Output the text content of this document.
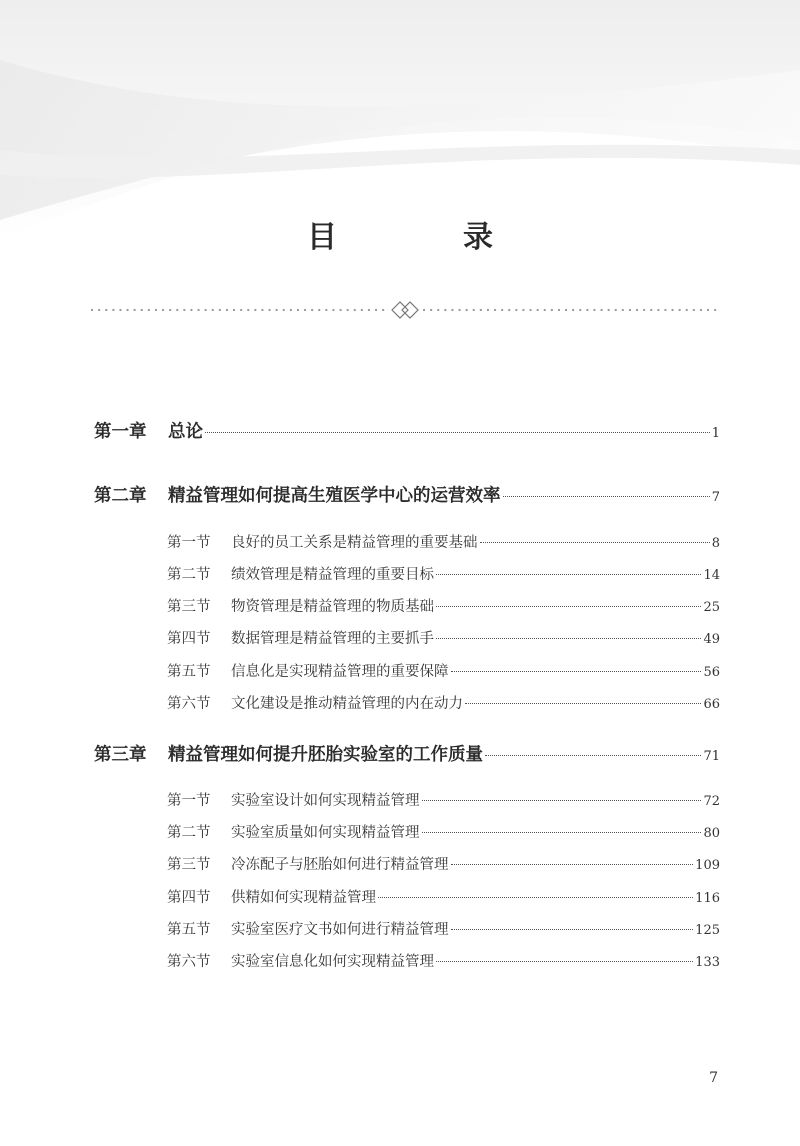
目　录
第一章	总论	1
第二章	精益管理如何提高生殖医学中心的运营效率	7
第一节	良好的员工关系是精益管理的重要基础	8
第二节	绩效管理是精益管理的重要目标	14
第三节	物资管理是精益管理的物质基础	25
第四节	数据管理是精益管理的主要抓手	49
第五节	信息化是实现精益管理的重要保障	56
第六节	文化建设是推动精益管理的内在动力	66
第三章	精益管理如何提升胚胎实验室的工作质量	71
第一节	实验室设计如何实现精益管理	72
第二节	实验室质量如何实现精益管理	80
第三节	冷冻配子与胚胎如何进行精益管理	109
第四节	供精如何实现精益管理	116
第五节	实验室医疗文书如何进行精益管理	125
第六节	实验室信息化如何实现精益管理	133
7
